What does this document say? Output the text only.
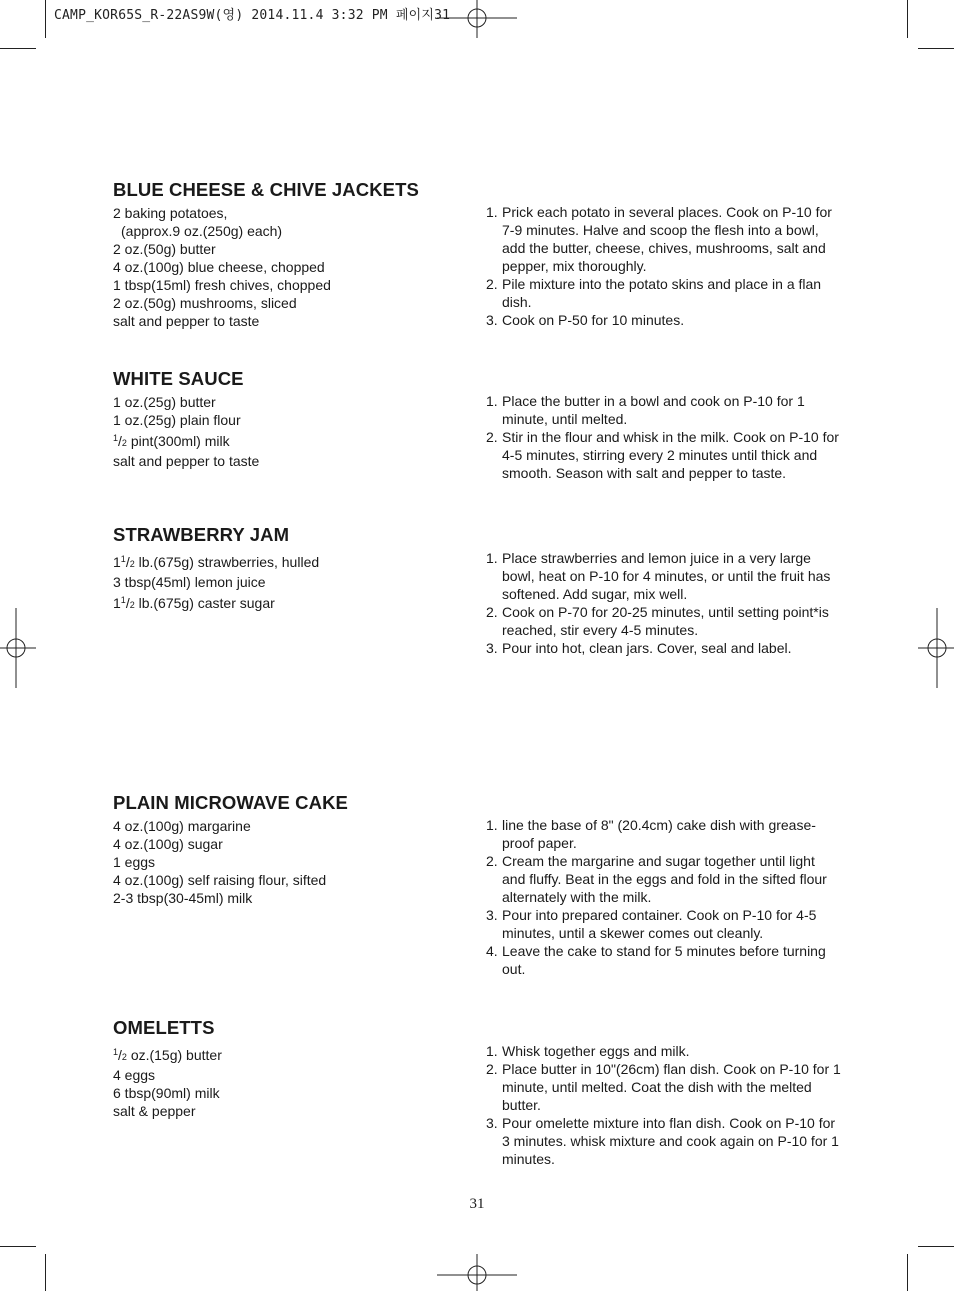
CAMP_KOR65S_R-22AS9W(영) 2014.11.4 3:32 PM 페이지31
BLUE CHEESE & CHIVE JACKETS
2 baking potatoes,
(approx.9 oz.(250g) each)
2 oz.(50g) butter
4 oz.(100g) blue cheese, chopped
1 tbsp(15ml) fresh chives, chopped
2 oz.(50g) mushrooms, sliced
salt and pepper to taste
1. Prick each potato in several places. Cook on P-10 for 7-9 minutes. Halve and scoop the flesh into a bowl, add the butter, cheese, chives, mushrooms, salt and pepper, mix thoroughly.
2. Pile mixture into the potato skins and place in a flan dish.
3. Cook on P-50 for 10 minutes.
WHITE SAUCE
1 oz.(25g) butter
1 oz.(25g) plain flour
$^1$/2 pint(300ml) milk
salt and pepper to taste
1. Place the butter in a bowl and cook on P-10 for 1 minute, until melted.
2. Stir in the flour and whisk in the milk. Cook on P-10 for 4-5 minutes, stirring every 2 minutes until thick and smooth. Season with salt and pepper to taste.
STRAWBERRY JAM
$1^1/2$ lb.(675g) strawberries, hulled
3 tbsp(45ml) lemon juice
$1^1/2$ lb.(675g) caster sugar
1. Place strawberries and lemon juice in a very large bowl, heat on P-10 for 4 minutes, or until the fruit has softened. Add sugar, mix well.
2. Cook on P-70 for 20-25 minutes, until setting point*is reached, stir every 4-5 minutes.
3. Pour into hot, clean jars. Cover, seal and label.
PLAIN MICROWAVE CAKE
4 oz.(100g) margarine
4 oz.(100g) sugar
1 eggs
4 oz.(100g) self raising flour, sifted
2-3 tbsp(30-45ml) milk
1. line the base of 8" (20.4cm) cake dish with grease-proof paper.
2. Cream the margarine and sugar together until light and fluffy. Beat in the eggs and fold in the sifted flour alternately with the milk.
3. Pour into prepared container. Cook on P-10 for 4-5 minutes, until a skewer comes out cleanly.
4. Leave the cake to stand for 5 minutes before turning out.
OMELETTS
$^1$/2 oz.(15g) butter
4 eggs
6 tbsp(90ml) milk
salt & pepper
1. Whisk together eggs and milk.
2. Place butter in 10"(26cm) flan dish. Cook on P-10 for 1 minute, until melted. Coat the dish with the melted butter.
3. Pour omelette mixture into flan dish. Cook on P-10 for 3 minutes. whisk mixture and cook again on P-10 for 1 minutes.
31
